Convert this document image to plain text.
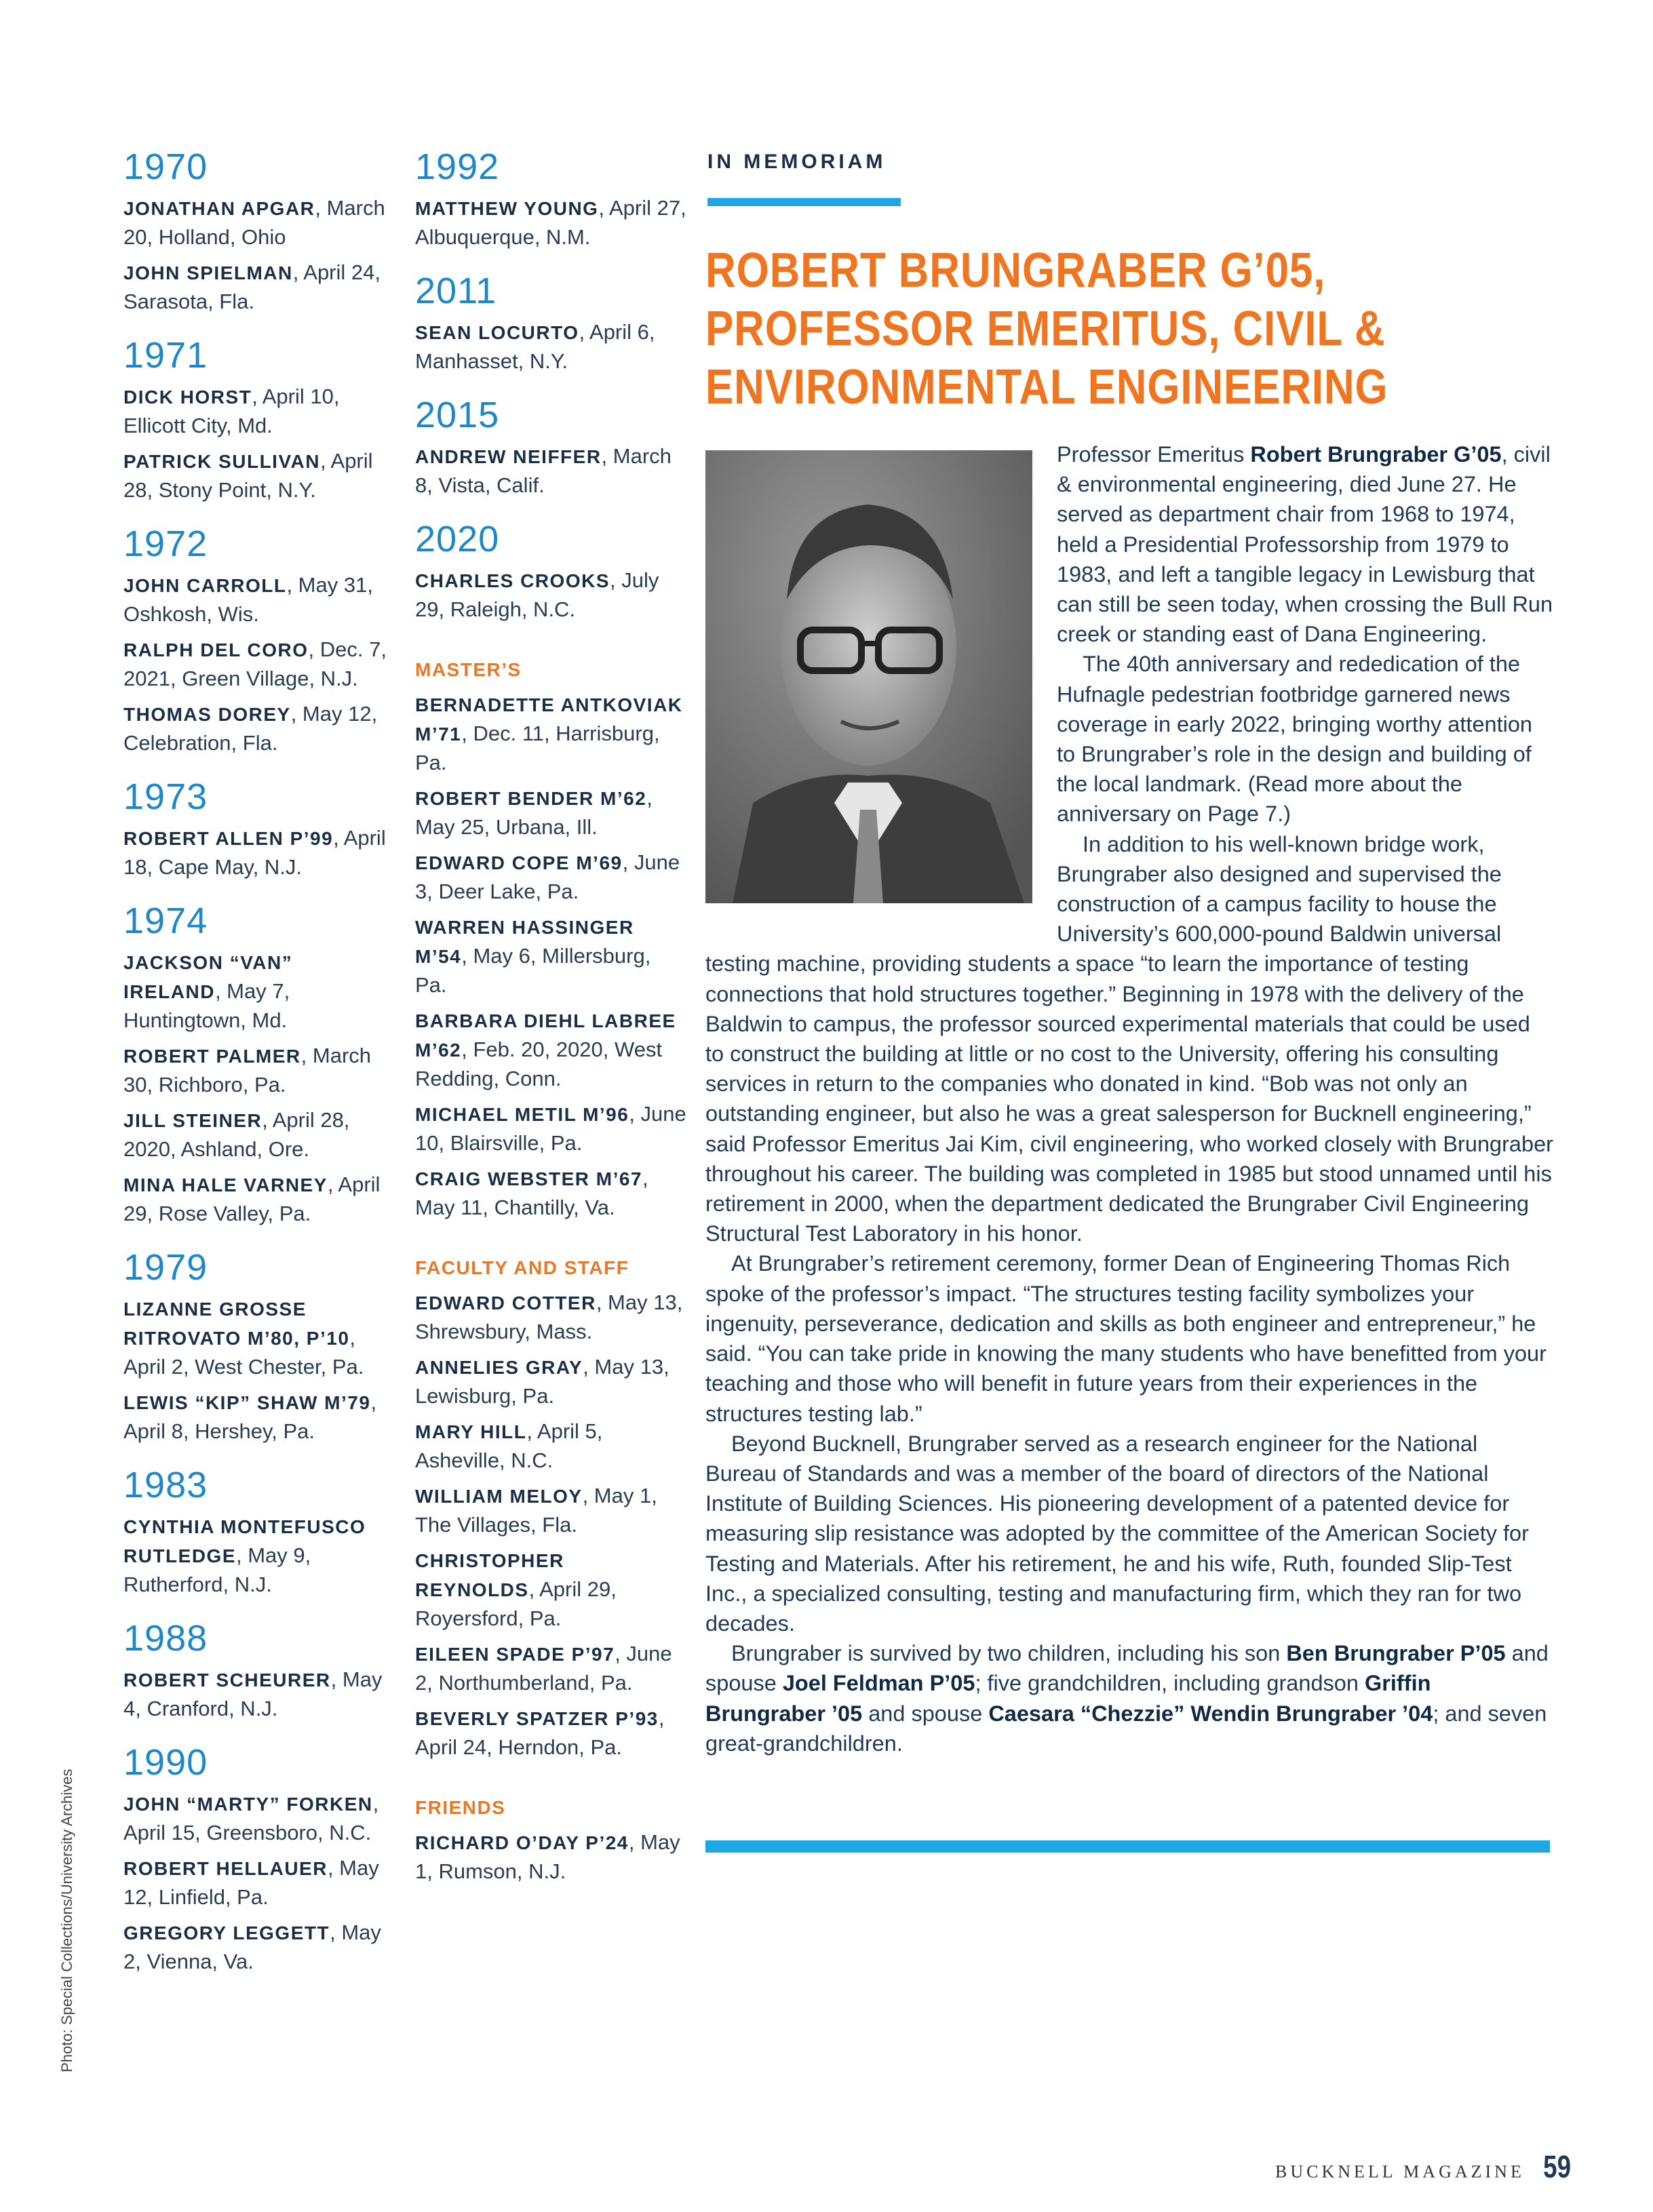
1970
JONATHAN APGAR, March 20, Holland, Ohio
JOHN SPIELMAN, April 24, Sarasota, Fla.
1971
DICK HORST, April 10, Ellicott City, Md.
PATRICK SULLIVAN, April 28, Stony Point, N.Y.
1972
JOHN CARROLL, May 31, Oshkosh, Wis.
RALPH DEL CORO, Dec. 7, 2021, Green Village, N.J.
THOMAS DOREY, May 12, Celebration, Fla.
1973
ROBERT ALLEN P’99, April 18, Cape May, N.J.
1974
JACKSON “VAN” IRELAND, May 7, Huntingtown, Md.
ROBERT PALMER, March 30, Richboro, Pa.
JILL STEINER, April 28, 2020, Ashland, Ore.
MINA HALE VARNEY, April 29, Rose Valley, Pa.
1979
LIZANNE GROSSE RITROVATO M’80, P’10, April 2, West Chester, Pa.
LEWIS “KIP” SHAW M’79, April 8, Hershey, Pa.
1983
CYNTHIA MONTEFUSCO RUTLEDGE, May 9, Rutherford, N.J.
1988
ROBERT SCHEURER, May 4, Cranford, N.J.
1990
JOHN “MARTY” FORKEN, April 15, Greensboro, N.C.
ROBERT HELLAUER, May 12, Linfield, Pa.
GREGORY LEGGETT, May 2, Vienna, Va.
1992
MATTHEW YOUNG, April 27, Albuquerque, N.M.
2011
SEAN LOCURTO, April 6, Manhasset, N.Y.
2015
ANDREW NEIFFER, March 8, Vista, Calif.
2020
CHARLES CROOKS, July 29, Raleigh, N.C.
MASTER’S
BERNADETTE ANTKOVIAK M’71, Dec. 11, Harrisburg, Pa.
ROBERT BENDER M’62, May 25, Urbana, Ill.
EDWARD COPE M’69, June 3, Deer Lake, Pa.
WARREN HASSINGER M’54, May 6, Millersburg, Pa.
BARBARA DIEHL LABREE M’62, Feb. 20, 2020, West Redding, Conn.
MICHAEL METIL M’96, June 10, Blairsville, Pa.
CRAIG WEBSTER M’67, May 11, Chantilly, Va.
FACULTY AND STAFF
EDWARD COTTER, May 13, Shrewsbury, Mass.
ANNELIES GRAY, May 13, Lewisburg, Pa.
MARY HILL, April 5, Asheville, N.C.
WILLIAM MELOY, May 1, The Villages, Fla.
CHRISTOPHER REYNOLDS, April 29, Royersford, Pa.
EILEEN SPADE P’97, June 2, Northumberland, Pa.
BEVERLY SPATZER P’93, April 24, Herndon, Pa.
FRIENDS
RICHARD O’DAY P’24, May 1, Rumson, N.J.
IN MEMORIAM
ROBERT BRUNGRABER G’05, PROFESSOR EMERITUS, CIVIL & ENVIRONMENTAL ENGINEERING

Professor Emeritus Robert Brungraber G’05, civil & environmental engineering, died June 27. He served as department chair from 1968 to 1974, held a Presidential Professorship from 1979 to 1983, and left a tangible legacy in Lewisburg that can still be seen today, when crossing the Bull Run creek or standing east of Dana Engineering.

The 40th anniversary and rededication of the Hufnagle pedestrian footbridge garnered news coverage in early 2022, bringing worthy attention to Brungraber’s role in the design and building of the local landmark. (Read more about the anniversary on Page 7.)

In addition to his well-known bridge work, Brungraber also designed and supervised the construction of a campus facility to house the University’s 600,000-pound Baldwin universal testing machine, providing students a space “to learn the importance of testing connections that hold structures together.” Beginning in 1978 with the delivery of the Baldwin to campus, the professor sourced experimental materials that could be used to construct the building at little or no cost to the University, offering his consulting services in return to the companies who donated in kind. “Bob was not only an outstanding engineer, but also he was a great salesperson for Bucknell engineering,” said Professor Emeritus Jai Kim, civil engineering, who worked closely with Brungraber throughout his career. The building was completed in 1985 but stood unnamed until his retirement in 2000, when the department dedicated the Brungraber Civil Engineering Structural Test Laboratory in his honor.

At Brungraber’s retirement ceremony, former Dean of Engineering Thomas Rich spoke of the professor’s impact. “The structures testing facility symbolizes your ingenuity, perseverance, dedication and skills as both engineer and entrepreneur,” he said. “You can take pride in knowing the many students who have benefitted from your teaching and those who will benefit in future years from their experiences in the structures testing lab.”

Beyond Bucknell, Brungraber served as a research engineer for the National Bureau of Standards and was a member of the board of directors of the National Institute of Building Sciences. His pioneering development of a patented device for measuring slip resistance was adopted by the committee of the American Society for Testing and Materials. After his retirement, he and his wife, Ruth, founded Slip-Test Inc., a specialized consulting, testing and manufacturing firm, which they ran for two decades.

Brungraber is survived by two children, including his son Ben Brungraber P’05 and spouse Joel Feldman P’05; five grandchildren, including grandson Griffin Brungraber ’05 and spouse Caesara “Chezzie” Wendin Brungraber ’04; and seven great-grandchildren.

Photo: Special Collections/University Archives
BUCKNELL MAGAZINE 59
